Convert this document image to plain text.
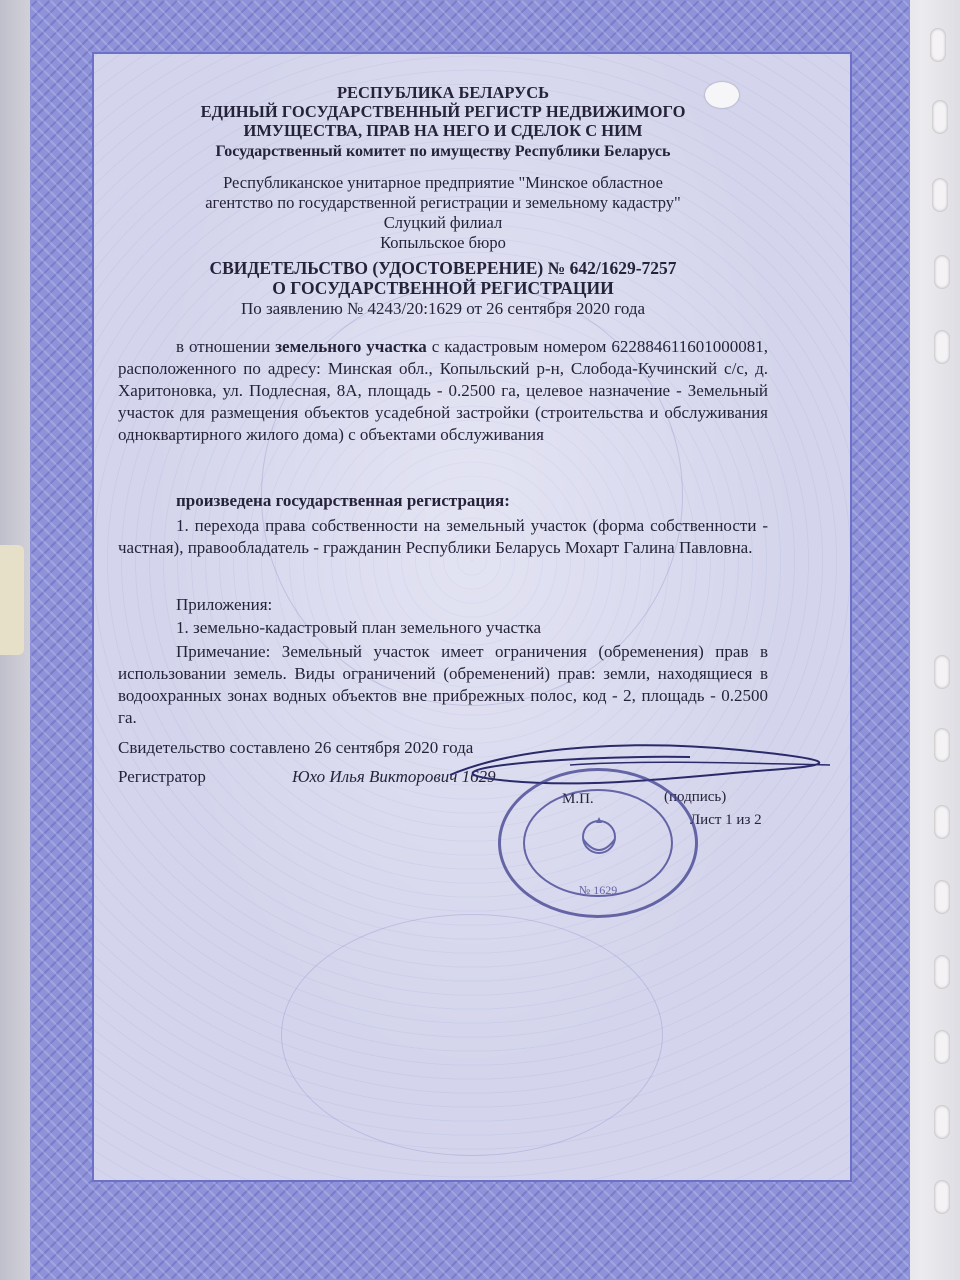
РЕСПУБЛИКА БЕЛАРУСЬ
ЕДИНЫЙ ГОСУДАРСТВЕННЫЙ РЕГИСТР НЕДВИЖИМОГО
ИМУЩЕСТВА, ПРАВ НА НЕГО И СДЕЛОК С НИМ
Государственный комитет по имуществу Республики Беларусь
Республиканское унитарное предприятие "Минское областное
агентство по государственной регистрации и земельному кадастру"
Слуцкий филиал
Копыльское бюро
СВИДЕТЕЛЬСТВО (УДОСТОВЕРЕНИЕ) № 642/1629-7257
О ГОСУДАРСТВЕННОЙ РЕГИСТРАЦИИ
По заявлению № 4243/20:1629 от 26 сентября 2020 года
в отношении земельного участка с кадастровым номером 622884611601000081, расположенного по адресу: Минская обл., Копыльский р-н, Слобода-Кучинский с/с, д. Харитоновка, ул. Подлесная, 8А, площадь - 0.2500 га, целевое назначение - Земельный участок для размещения объектов усадебной застройки (строительства и обслуживания одноквартирного жилого дома) с объектами обслуживания
произведена государственная регистрация:
1. перехода права собственности на земельный участок (форма собственности - частная), правообладатель - гражданин Республики Беларусь Мохарт Галина Павловна.
Приложения:
1. земельно-кадастровый план земельного участка
Примечание: Земельный участок имеет ограничения (обременения) прав в использовании земель. Виды ограничений (обременений) прав: земли, находящиеся в водоохранных зонах водных объектов вне прибрежных полос, код - 2, площадь - 0.2500 га.
Свидетельство составлено 26 сентября 2020 года
Регистратор	Юхо Илья Викторович 1629
М.П.	(подпись)
Лист 1 из 2
№ 1629
